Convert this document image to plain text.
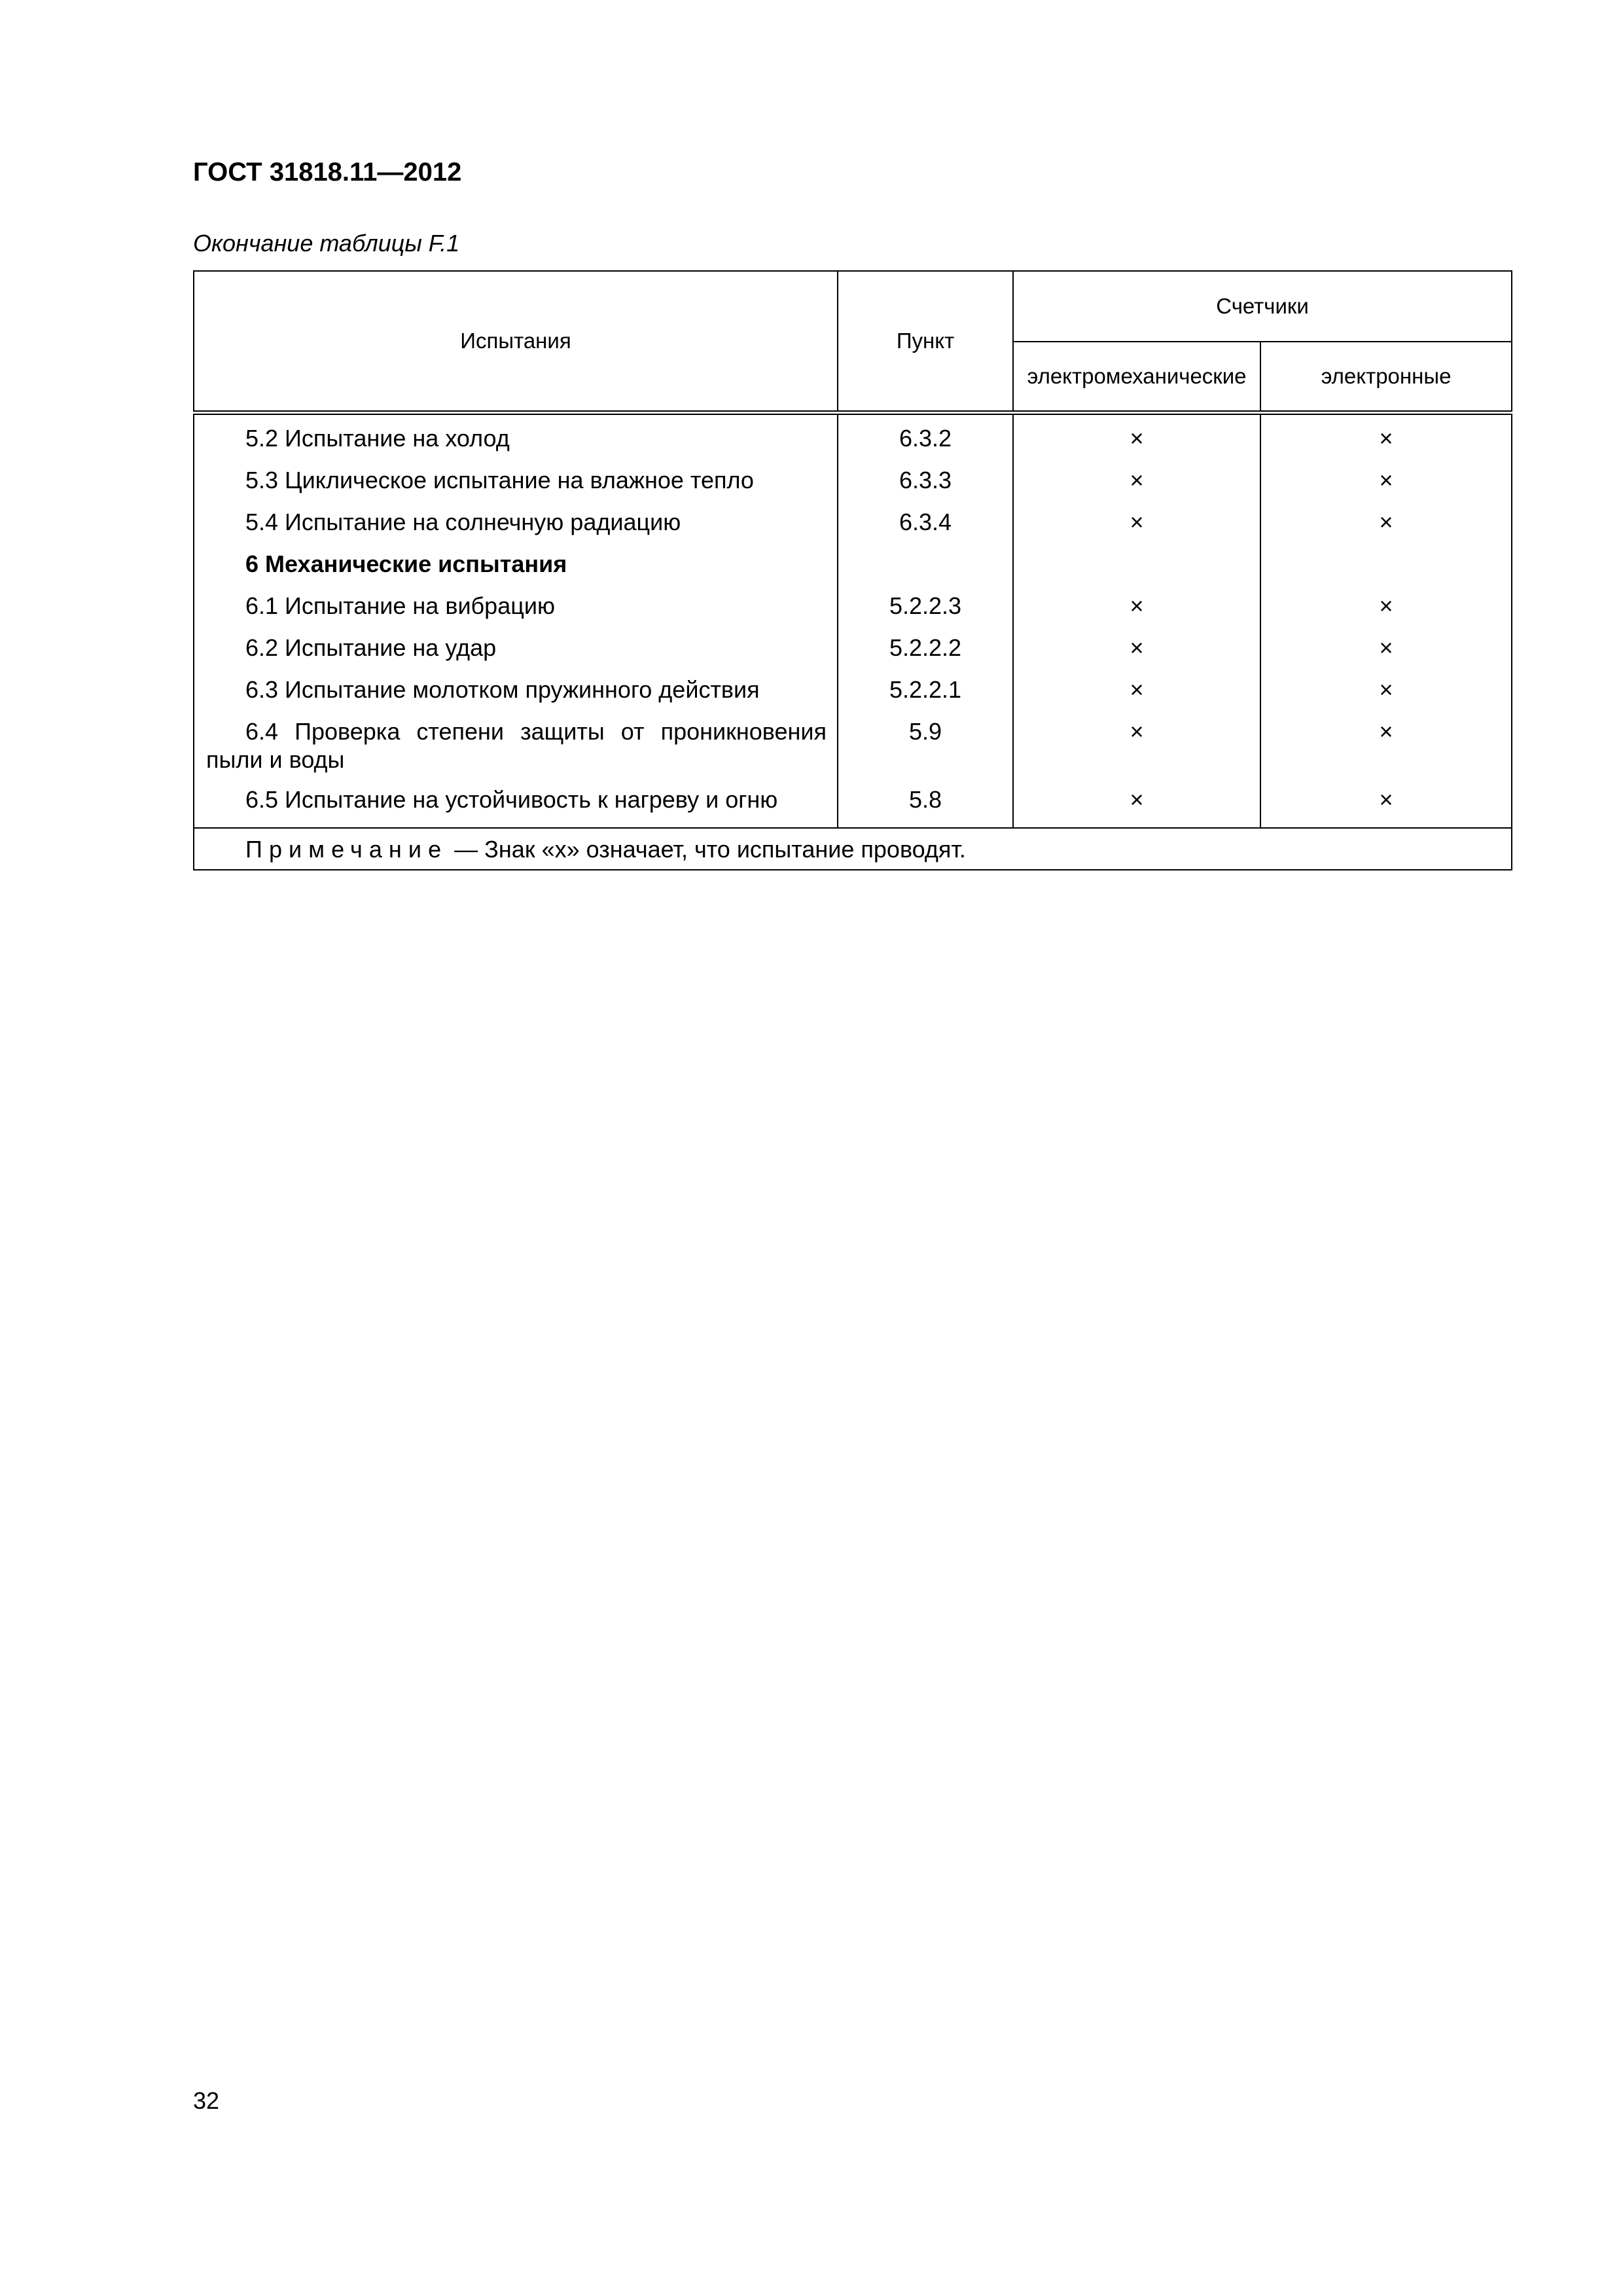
ГОСТ 31818.11—2012
Окончание таблицы F.1
Испытания	Пункт	Счетчики	
		электромеханические	электронные
5.2 Испытание на холод	6.3.2	×	×
5.3 Циклическое испытание на влажное тепло	6.3.3	×	×
5.4 Испытание на солнечную радиацию	6.3.4	×	×
6 Механические испытания			
6.1 Испытание на вибрацию	5.2.2.3	×	×
6.2 Испытание на удар	5.2.2.2	×	×
6.3 Испытание молотком пружинного действия	5.2.2.1	×	×
6.4 Проверка степени защиты от проникновения пыли и воды	5.9	×	×
6.5 Испытание на устойчивость к нагреву и огню	5.8	×	×
Примечание — Знак «х» означает, что испытание проводят.			
32
